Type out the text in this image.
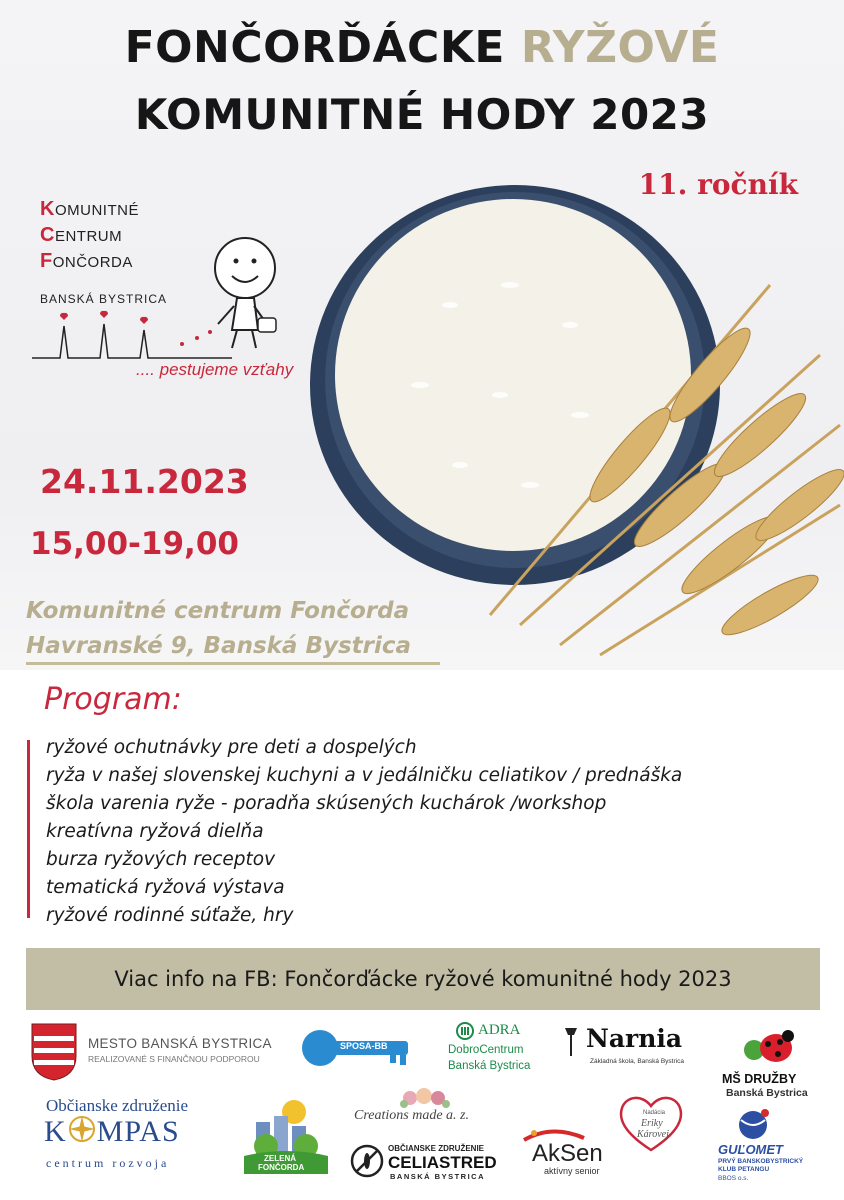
FONČORĎÁCKE RYŽOVÉ
KOMUNITNÉ HODY 2023
11. ročník
KOMUNITNÉ
CENTRUM
FONČORDA
BANSKÁ BYSTRICA
.... pestujeme vzťahy
24.11.2023
15,00-19,00
Komunitné centrum Fončorda
Havranské 9, Banská Bystrica
Program:
ryžové ochutnávky pre deti a dospelých
ryža v našej slovenskej kuchyni a v jedálničku celiatikov / prednáška
škola varenia ryže - poradňa skúsených kuchárok /workshop
kreatívna ryžová dielňa
burza ryžových receptov
tematická ryžová výstava
ryžové rodinné súťaže, hry
Viac info na FB: Fončorďácke ryžové komunitné hody 2023
MESTO BANSKÁ BYSTRICA
REALIZOVANÉ S FINANČNOU PODPOROU
SPOSA-BB
ADRA
DobroCentrum
Banská Bystrica
Narnia
Základná škola, Banská Bystrica
MŠ DRUŽBY
Banská Bystrica
Občianske združenie
K MPAS
centrum rozvoja	ZELENÁ
FONČORDA
Creations made a. z.
OBČIANSKE ZDRUŽENIE
CELIASTRED
BANSKÁ BYSTRICA
Nadácia
Eriky
Károvej
AkSen
aktívny senior
GUĽOMET
PRVÝ BANSKOBYSTRICKÝ
KLUB PETANGU
BBOS o.s.
